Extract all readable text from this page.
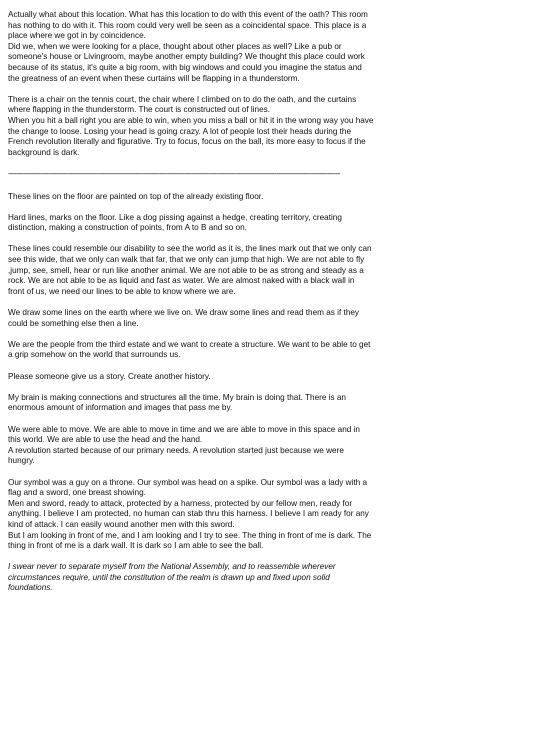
Actually what about this location. What has this location to do with this event of the oath? This room
has nothing to do with it. This room could very well be seen as a coincidental space. This place is a
place where we got in by coincidence.
Did we, when we were looking for a place, thought about other places as well? Like a pub or
someone's house or Livingroom, maybe another empty building? We thought this place could work
because of its status, it's quite a big room, with big windows and could you imagine the status and
the greatness of an event when these curtains will be flapping in a thunderstorm.

There is a chair on the tennis court, the chair where I climbed on to do the oath, and the curtains
where flapping in the thunderstorm. The court is constructed out of lines.
When you hit a ball right you are able to win, when you miss a ball or hit it in the wrong way you have
the change to loose. Losing your head is going crazy. A lot of people lost their heads during the
French revolution literally and figurative. Try to focus, focus on the ball, its more easy to focus if the
background is dark.

------------------------------------------------------------------------------------------------------------------------------------------------------------

These lines on the floor are painted on top of the already existing floor.

Hard lines, marks on the floor. Like a dog pissing against a hedge, creating territory, creating
distinction, making a construction of points, from A to B and so on.

These lines could resemble our disability to see the world as it is, the lines mark out that we only can
see this wide, that we only can walk that far, that we only can jump that high. We are not able to fly
,jump, see, smell, hear or run like another animal. We are not able to be as strong and steady as a
rock. We are not able to be as liquid and fast as water. We are almost naked with a black wall in
front of us, we need our lines to be able to know where we are.

We draw some lines on the earth where we live on. We draw some lines and read them as if they
could be something else then a line.

We are the people from the third estate and we want to create a structure. We want to be able to get
a grip somehow on the world that surrounds us.

Please someone give us a story. Create another history.

My brain is making connections and structures all the time. My brain is doing that. There is an
enormous amount of information and images that pass me by.

We were able to move. We are able to move in time and we are able to move in this space and in
this world. We are able to use the head and the hand.
A revolution started because of our primary needs. A revolution started just because we were
hungry.

Our symbol was a guy on a throne. Our symbol was head on a spike. Our symbol was a lady with a
flag and a sword, one breast showing.
Men and sword, ready to attack, protected by a harness, protected by our fellow men, ready for
anything. I believe I am protected, no human can stab thru this harness. I believe I am ready for any
kind of attack. I can easily wound another men with this sword.
But I am looking in front of me, and I am looking and I try to see. The thing in front of me is dark. The
thing in front of me is a dark wall. It is dark so I am able to see the ball.

I swear never to separate myself from the National Assembly, and to reassemble wherever
circumstances require, until the constitution of the realm is drawn up and fixed upon solid
foundations.
